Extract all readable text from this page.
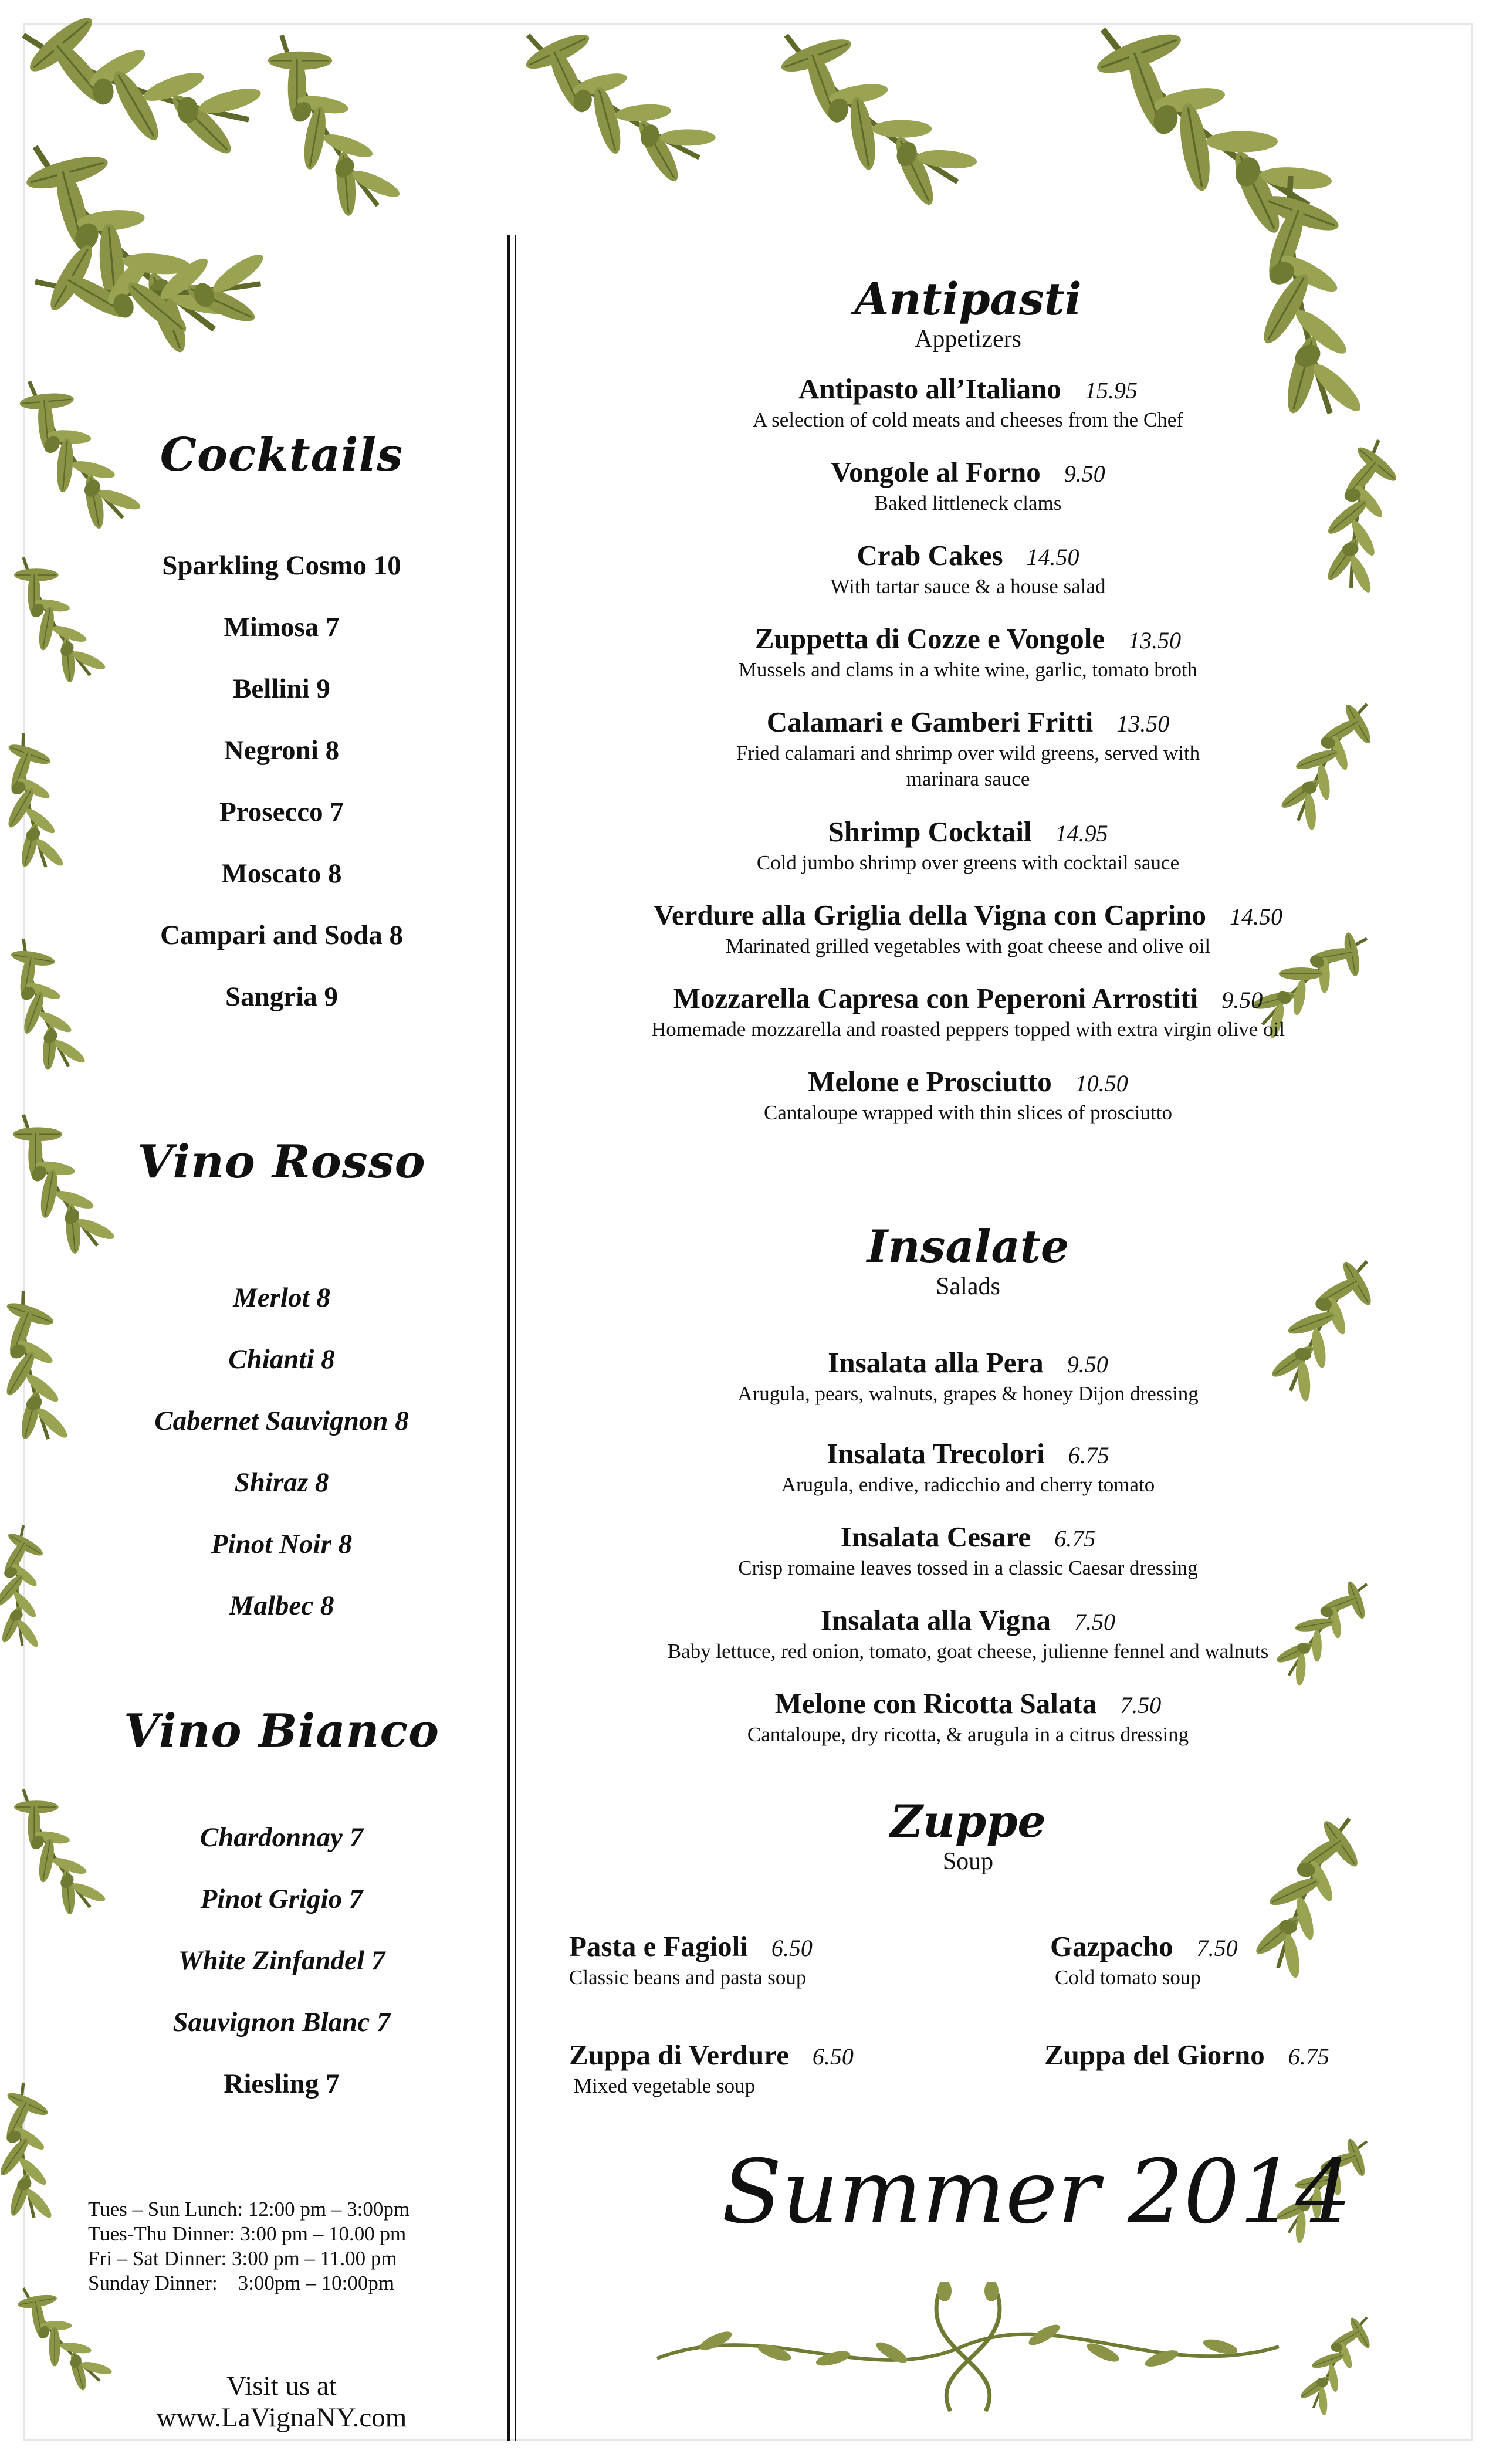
Cocktails
Sparkling Cosmo 10
Mimosa 7
Bellini 9
Negroni 8
Prosecco 7
Moscato 8
Campari and Soda 8
Sangria 9
Vino Rosso
Merlot 8
Chianti 8
Cabernet Sauvignon 8
Shiraz 8
Pinot Noir 8
Malbec 8
Vino Bianco
Chardonnay 7
Pinot Grigio 7
White Zinfandel 7
Sauvignon Blanc 7
Riesling 7
Tues – Sun Lunch: 12:00 pm – 3:00pm
Tues-Thu Dinner: 3:00 pm – 10.00 pm
Fri – Sat Dinner: 3:00 pm – 11.00 pm
Sunday Dinner:    3:00pm – 10:00pm
Visit us at
www.LaVignaNY.com
Antipasti
Appetizers
Antipasto all’Italiano 15.95
A selection of cold meats and cheeses from the Chef
Vongole al Forno 9.50
Baked littleneck clams
Crab Cakes 14.50
With tartar sauce & a house salad
Zuppetta di Cozze e Vongole 13.50
Mussels and clams in a white wine, garlic, tomato broth
Calamari e Gamberi Fritti 13.50
Fried calamari and shrimp over wild greens, served with
marinara sauce
Shrimp Cocktail 14.95
Cold jumbo shrimp over greens with cocktail sauce
Verdure alla Griglia della Vigna con Caprino 14.50
Marinated grilled vegetables with goat cheese and olive oil
Mozzarella Capresa con Peperoni Arrostiti 9.50
Homemade mozzarella and roasted peppers topped with extra virgin olive oil
Melone e Prosciutto 10.50
Cantaloupe wrapped with thin slices of prosciutto
Insalate
Salads
Insalata alla Pera 9.50
Arugula, pears, walnuts, grapes & honey Dijon dressing
Insalata Trecolori 6.75
Arugula, endive, radicchio and cherry tomato
Insalata Cesare 6.75
Crisp romaine leaves tossed in a classic Caesar dressing
Insalata alla Vigna 7.50
Baby lettuce, red onion, tomato, goat cheese, julienne fennel and walnuts
Melone con Ricotta Salata 7.50
Cantaloupe, dry ricotta, & arugula in a citrus dressing
Zuppe
Soup
Pasta e Fagioli 6.50
Classic beans and pasta soup
Gazpacho 7.50
Cold tomato soup
Zuppa di Verdure 6.50
Mixed vegetable soup
Zuppa del Giorno 6.75
Summer 2014
